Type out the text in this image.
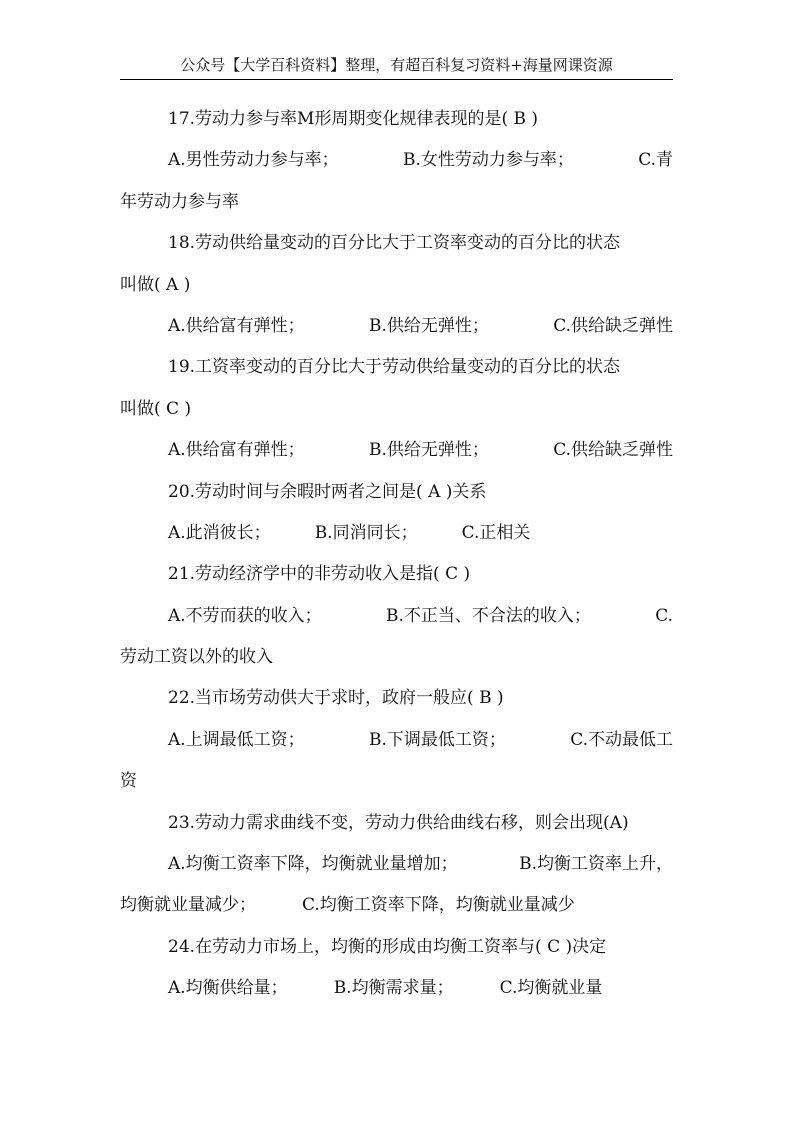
公众号【大学百科资料】整理，有超百科复习资料+海量网课资源
17.劳动力参与率M形周期变化规律表现的是( B )
A.男性劳动力参与率；	B.女性劳动力参与率；	C.青
年劳动力参与率
18.劳动供给量变动的百分比大于工资率变动的百分比的状态
叫做( A )
A.供给富有弹性；	B.供给无弹性；	C.供给缺乏弹性
19.工资率变动的百分比大于劳动供给量变动的百分比的状态
叫做( C )
A.供给富有弹性；	B.供给无弹性；	C.供给缺乏弹性
20.劳动时间与余暇时两者之间是( A )关系
A.此消彼长；	B.同消同长；	C.正相关
21.劳动经济学中的非劳动收入是指( C )
A.不劳而获的收入；	B.不正当、不合法的收入；	C.
劳动工资以外的收入
22.当市场劳动供大于求时，政府一般应( B )
A.上调最低工资；	B.下调最低工资；	C.不动最低工
资
23.劳动力需求曲线不变，劳动力供给曲线右移，则会出现(A)
A.均衡工资率下降，均衡就业量增加；	B.均衡工资率上升，
均衡就业量减少；	C.均衡工资率下降，均衡就业量减少
24.在劳动力市场上，均衡的形成由均衡工资率与( C )决定
A.均衡供给量；	B.均衡需求量；	C.均衡就业量
